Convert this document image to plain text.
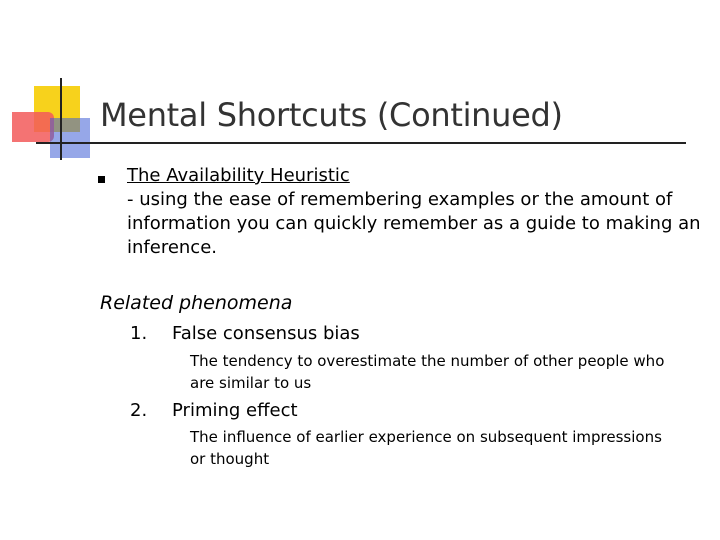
Mental Shortcuts (Continued)
The Availability Heuristic
- using the ease of remembering examples or the amount of
information you can quickly remember as a guide to making an
inference.
Related phenomena
1. False consensus bias
The tendency to overestimate the number of other people who
are similar to us
2. Priming effect
The influence of earlier experience on subsequent impressions
or thought
